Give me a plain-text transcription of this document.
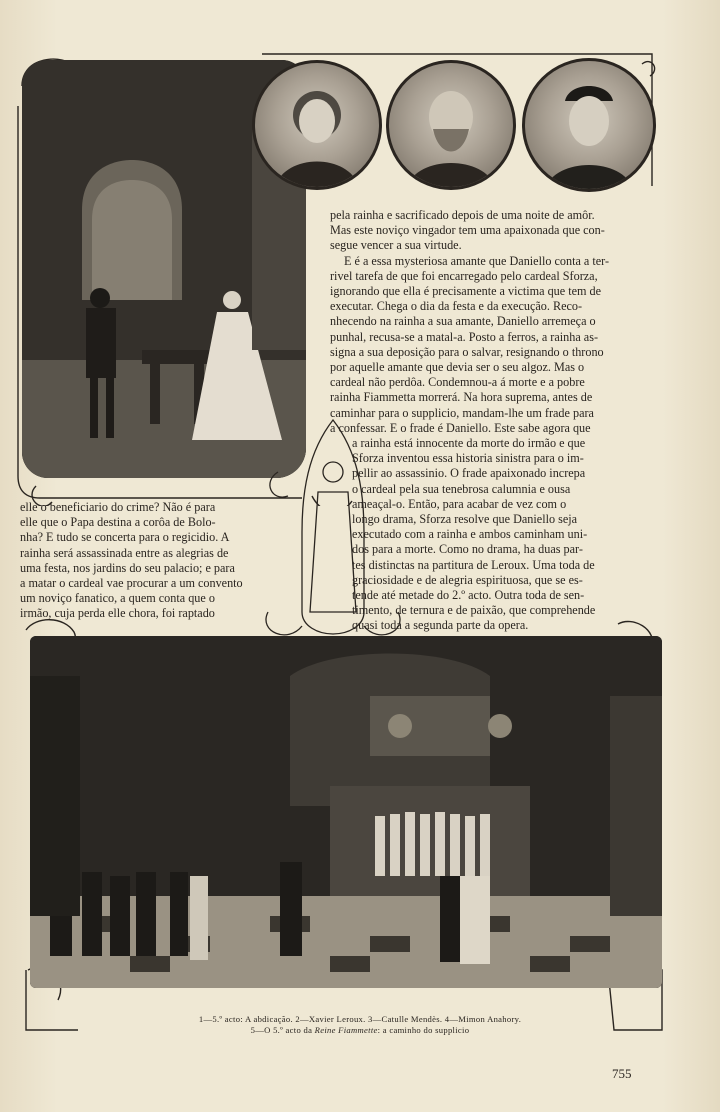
pela rainha e sacrificado depois de uma noite de amôr.

Mas este noviço vingador tem uma apaixonada que con-

segue vencer a sua virtude.

E é a essa mysteriosa amante que Daniello conta a ter-

rivel tarefa de que foi encarregado pelo cardeal Sforza,

ignorando que ella é precisamente a victima que tem de

executar. Chega o dia da festa e da execução. Reco-

nhecendo na rainha a sua amante, Daniello arremeça o

punhal, recusa-se a matal-a. Posto a ferros, a rainha as-

signa a sua deposição para o salvar, resignando o throno

por aquelle amante que devia ser o seu algoz. Mas o

cardeal não perdôa. Condemnou-a á morte e a pobre

rainha Fiammetta morrerá. Na hora suprema, antes de

caminhar para o supplicio, mandam-lhe um frade para

a confessar. E o frade é Daniello. Este sabe agora que

a rainha está innocente da morte do irmão e que

Sforza inventou essa historia sinistra para o im-

pellir ao assassinio. O frade apaixonado increpa

o cardeal pela sua tenebrosa calumnia e ousa

ameaçal-o. Então, para acabar de vez com o

longo drama, Sforza resolve que Daniello seja

executado com a rainha e ambos caminham uni-

dos para a morte. Como no drama, ha duas par-

tes distinctas na partitura de Leroux. Uma toda de

graciosidade e de alegria espirituosa, que se es-

tende até metade do 2.º acto. Outra toda de sen-

timento, de ternura e de paixão, que comprehende

quasi toda a segunda parte da opera.

elle o beneficiario do crime? Não é para

elle que o Papa destina a corôa de Bolo-

nha? E tudo se concerta para o regicidio. A

rainha será assassinada entre as alegrias de

uma festa, nos jardins do seu palacio; e para

a matar o cardeal vae procurar a um convento

um noviço fanatico, a quem conta que o

irmão, cuja perda elle chora, foi raptado

1—5.º acto: A abdicação. 2—Xavier Leroux. 3—Catulle Mendès. 4—Mimon Anahory.
5—O 5.º acto da Reine Fiammette: a caminho do supplicio
755
